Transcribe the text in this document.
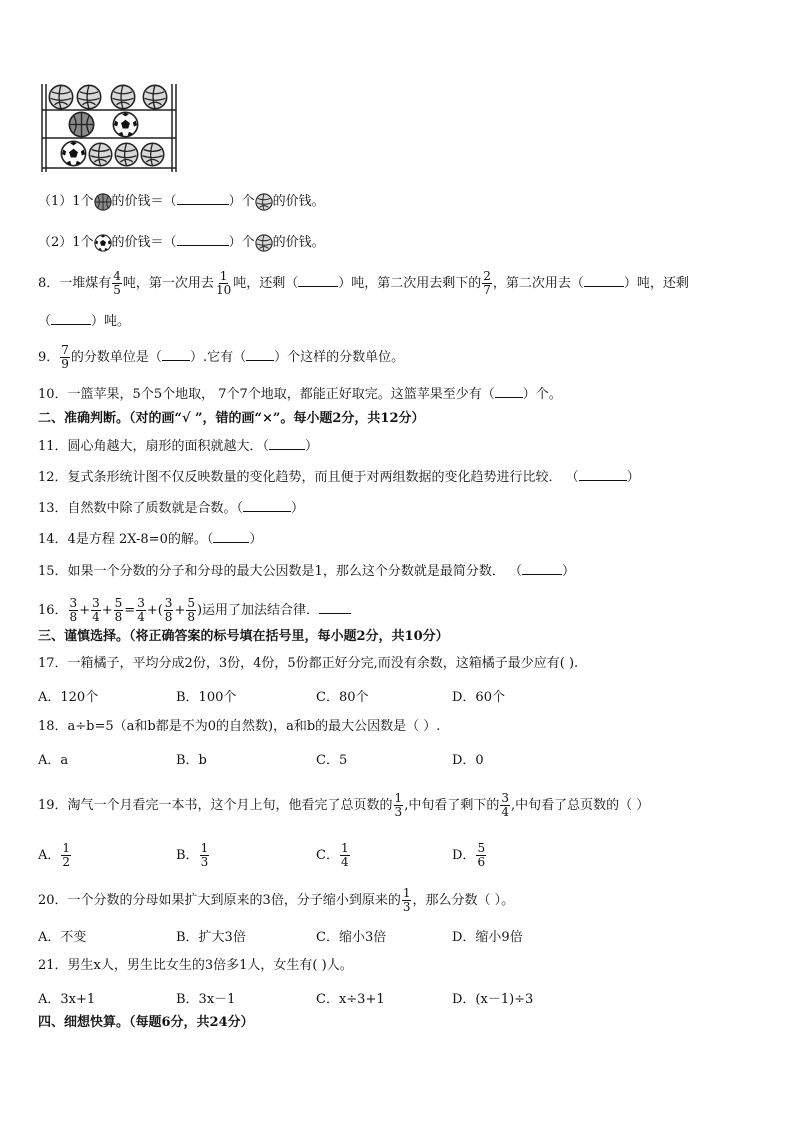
（1）1个 的价钱＝（	）个 的价钱。
（2）1个 的价钱＝（	）个 的价钱。
8．一堆煤有 $\frac{4}{5}$ 吨，第一次用去 $\frac{1}{10}$ 吨，还剩（	）吨，第二次用去剩下的 $\frac{2}{7}$ ，第二次用去（	）吨，还剩
（	）吨。
9． $\frac{7}{9}$ 的分数单位是（ ）.它有（ ）个这样的分数单位。
10．一篮苹果，5个5个地取， 7个7个地取，都能正好取完。这篮苹果至少有（ ）个。
二、准确判断。（对的画“√ ”，错的画“×”。每小题2分，共12分）
11．圆心角越大，扇形的面积就越大．（	）
12．复式条形统计图不仅反映数量的变化趋势，而且便于对两组数据的变化趋势进行比较． （	）
13．自然数中除了质数就是合数。（	）
14．4是方程 2X-8=0的解。（	）
15．如果一个分数的分子和分母的最大公因数是1，那么这个分数就是最简分数． （	）
16． $\frac{3}{8} + \frac{3}{4} + \frac{5}{8} = \frac{3}{4}$ +( $\frac{3}{8} + \frac{5}{8}$ )运用了加法结合律．
三、谨慎选择。（将正确答案的标号填在括号里，每小题2分，共10分）
17．一箱橘子，平均分成2份，3份，4份，5份都正好分完,而没有余数，这箱橘子最少应有( ).
A．120个	B．100个	C．80个	D．60个
18．a÷b=5（a和b都是不为0的自然数)，a和b的最大公因数是（ ）.
A．a	B．b	C．5	D．0
19．淘气一个月看完一本书，这个月上旬，他看完了总页数的 $\frac{1}{3}$ ,中旬看了剩下的 $\frac{3}{4}$ ,中旬看了总页数的（ ）
A． $\frac{1}{2}$	B． $\frac{1}{3}$	C． $\frac{1}{4}$	D． $\frac{5}{6}$
20．一个分数的分母如果扩大到原来的3倍，分子缩小到原来的 $\frac{1}{3}$ ，那么分数（ ）。
A．不变	B．扩大3倍	C．缩小3倍	D．缩小9倍
21．男生x人，男生比女生的3倍多1人，女生有( )人。
A．3x+1	B．3x－1	C．x÷3+1	D．(x－1)÷3
四、细想快算。（每题6分，共24分）
